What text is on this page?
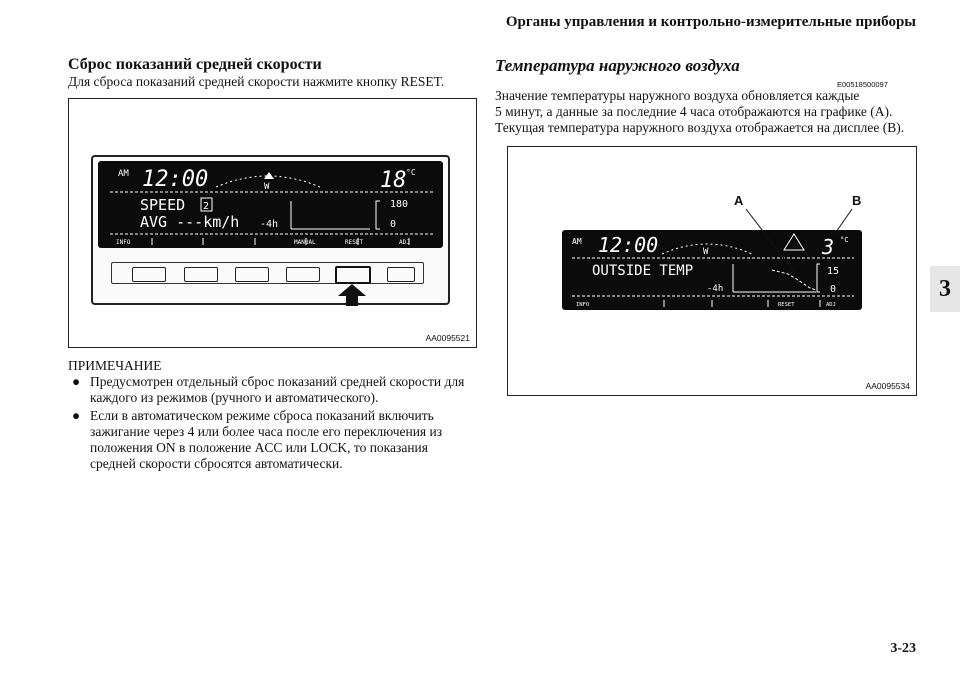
Органы управления и контрольно-измерительные приборы
3
Сброс показаний средней скорости
Для сброса показаний средней скорости нажмите кнопку RESET.
AM 12:00	W	18 °C
SPEED 2
AVG ---km/h -4h
180
0
INFO	MANUAL	RESET	ADJ
AA0095521
ПРИМЕЧАНИЕ
● Предусмотрен отдельный сброс показаний средней скорости для каждого из режимов (ручного и автоматического).
● Если в автоматическом режиме сброса показаний включить зажигание через 4 или более часа после его переключения из положения ON в положение ACC или LOCK, то показания средней скорости сбросятся автоматически.
Температура наружного воздуха
E00518500097
Значение температуры наружного воздуха обновляется каждые
5 минут, а данные за последние 4 часа отображаются на графике (A).
Текущая температура наружного воздуха отображается на дисплее (B).
AM 12:00	W	3 °C
OUTSIDE TEMP
-4h
15
0
INFO	RESET	ADJ
A	B
AA0095534
3-23
